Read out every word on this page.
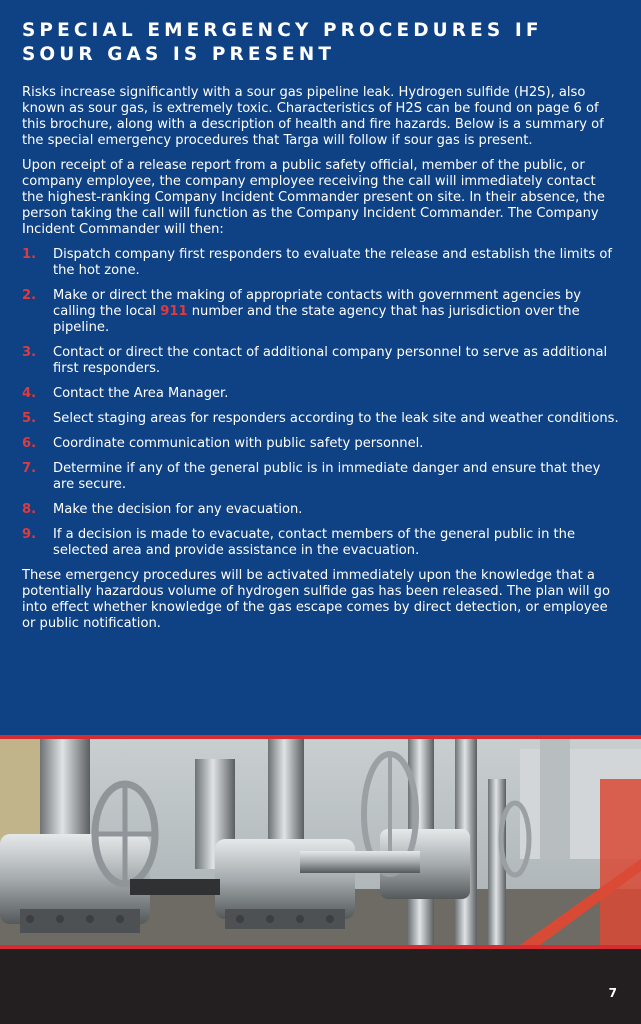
SPECIAL EMERGENCY PROCEDURES IF
SOUR GAS IS PRESENT

Risks increase signiﬁcantly with a sour gas pipeline leak. Hydrogen sulﬁde (H2S), also known as sour gas, is extremely toxic. Characteristics of H2S can be found on page 6 of this brochure, along with a description of health and ﬁre hazards. Below is a summary of the special emergency procedures that Targa will follow if sour gas is present.

Upon receipt of a release report from a public safety ofﬁcial, member of the public, or company employee, the company employee receiving the call will immediately contact the highest-ranking Company Incident Commander present on site. In their absence, the person taking the call will function as the Company Incident Commander. The Company Incident Commander will then:

1. Dispatch company ﬁrst responders to evaluate the release and establish the limits of the hot zone.
2. Make or direct the making of appropriate contacts with government agencies by calling the local 911 number and the state agency that has jurisdiction over the pipeline.
3. Contact or direct the contact of additional company personnel to serve as additional ﬁrst responders.
4. Contact the Area Manager.
5. Select staging areas for responders according to the leak site and weather conditions.
6. Coordinate communication with public safety personnel.
7. Determine if any of the general public is in immediate danger and ensure that they are secure.
8. Make the decision for any evacuation.
9. If a decision is made to evacuate, contact members of the general public in the selected area and provide assistance in the evacuation.

These emergency procedures will be activated immediately upon the knowledge that a potentially hazardous volume of hydrogen sulﬁde gas has been released. The plan will go into effect whether knowledge of the gas escape comes by direct detection, or employee or public notiﬁcation.

7
